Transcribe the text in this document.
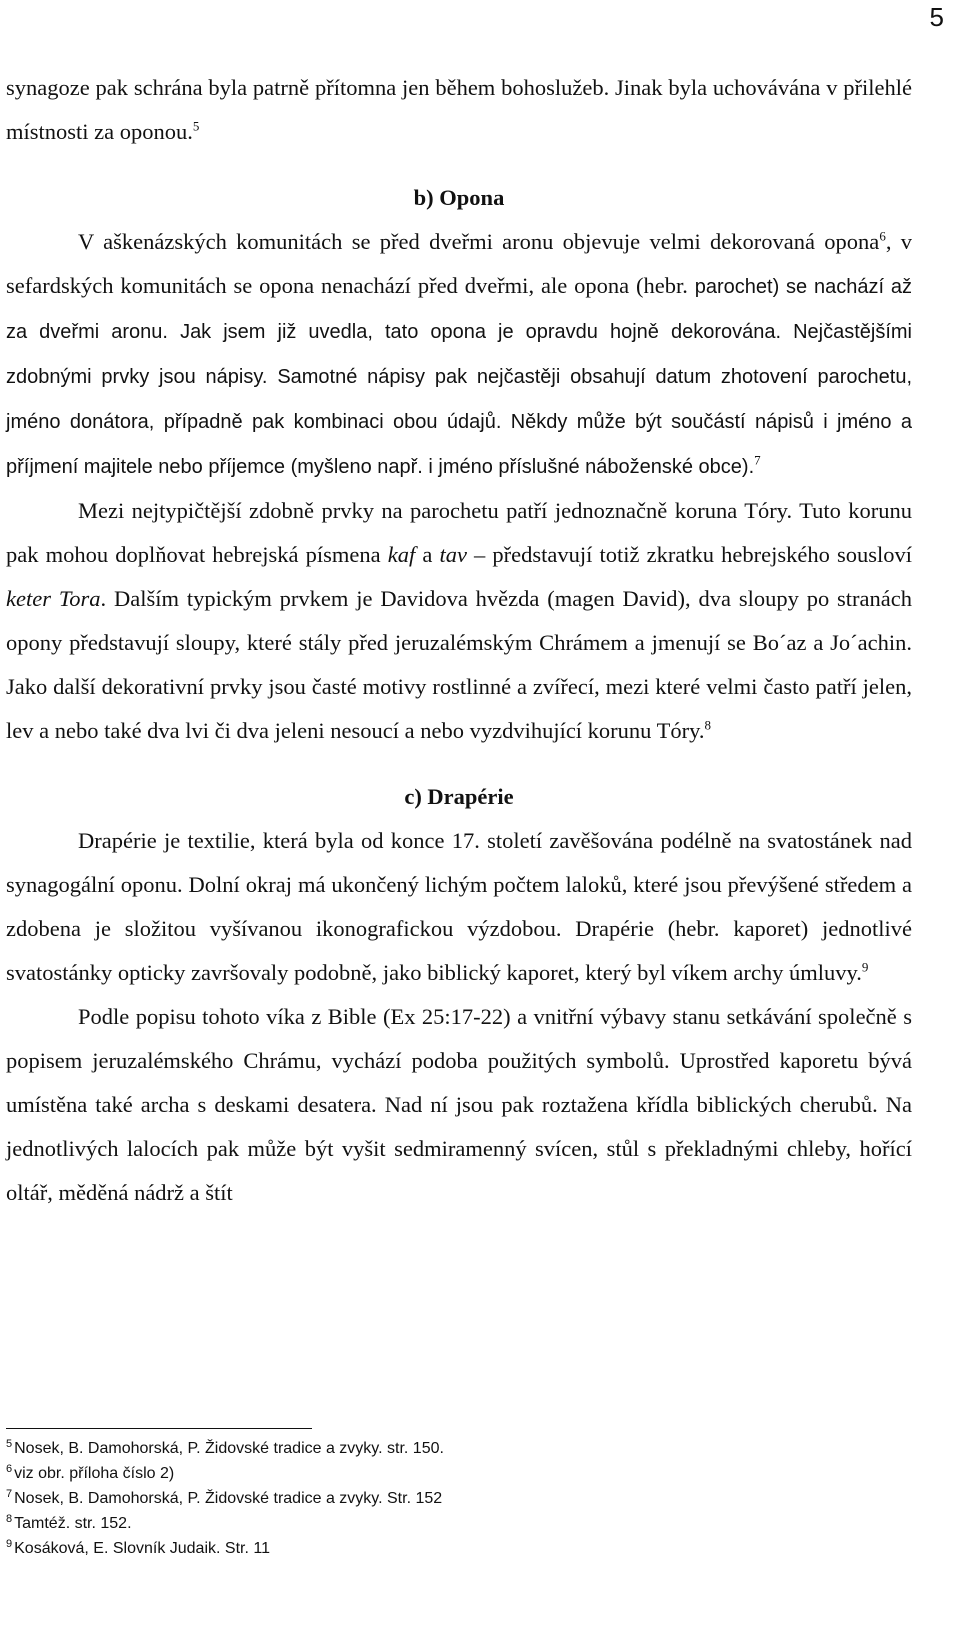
5

synagoze pak schrána byla patrně přítomna jen během bohoslužeb. Jinak byla uchovávána v přilehlé místnosti za oponou.$^5$

b) Opona

V aškenázských komunitách se před dveřmi aronu objevuje velmi dekorovaná opona$^6$, v sefardských komunitách se opona nenachází před dveřmi, ale opona (hebr. parochet) se nachází až za dveřmi aronu. Jak jsem již uvedla, tato opona je opravdu hojně dekorována. Nejčastějšími zdobnými prvky jsou nápisy. Samotné nápisy pak nejčastěji obsahují datum zhotovení parochetu, jméno donátora, případně pak kombinaci obou údajů. Někdy může být součástí nápisů i jméno a příjmení majitele nebo příjemce (myšleno např. i jméno příslušné náboženské obce).$^7$

Mezi nejtypičtější zdobně prvky na parochetu patří jednoznačně koruna Tóry. Tuto korunu pak mohou doplňovat hebrejská písmena kaf a tav – představují totiž zkratku hebrejského sousloví keter Tora. Dalším typickým prvkem je Davidova hvězda (magen David), dva sloupy po stranách opony představují sloupy, které stály před jeruzalémským Chrámem a jmenují se Bo´az a Jo´achin. Jako další dekorativní prvky jsou časté motivy rostlinné a zvířecí, mezi které velmi často patří jelen, lev a nebo také dva lvi či dva jeleni nesoucí a nebo vyzdvihující korunu Tóry.$^8$

c) Drapérie

Drapérie je textilie, která byla od konce 17. století zavěšována podélně na svatostánek nad synagogální oponu. Dolní okraj má ukončený lichým počtem laloků, které jsou převýšené středem a zdobena je složitou vyšívanou ikonografickou výzdobou. Drapérie (hebr. kaporet) jednotlivé svatostánky opticky završovaly podobně, jako biblický kaporet, který byl víkem archy úmluvy.$^9$

Podle popisu tohoto víka z Bible (Ex 25:17-22) a vnitřní výbavy stanu setkávání společně s popisem jeruzalémského Chrámu, vychází podoba použitých symbolů. Uprostřed kaporetu bývá umístěna také archa s deskami desatera. Nad ní jsou pak roztažena křídla biblických cherubů. Na jednotlivých lalocích pak může být vyšit sedmiramenný svícen, stůl s překladnými chleby, hořící oltář, měděná nádrž a štít

$^5$ Nosek, B. Damohorská, P. Židovské tradice a zvyky. str. 150.
$^6$ viz obr. příloha číslo 2)
$^7$ Nosek, B. Damohorská, P. Židovské tradice a zvyky. Str. 152
$^8$ Tamtéž. str. 152.
$^9$ Kosáková, E. Slovník Judaik. Str. 11
